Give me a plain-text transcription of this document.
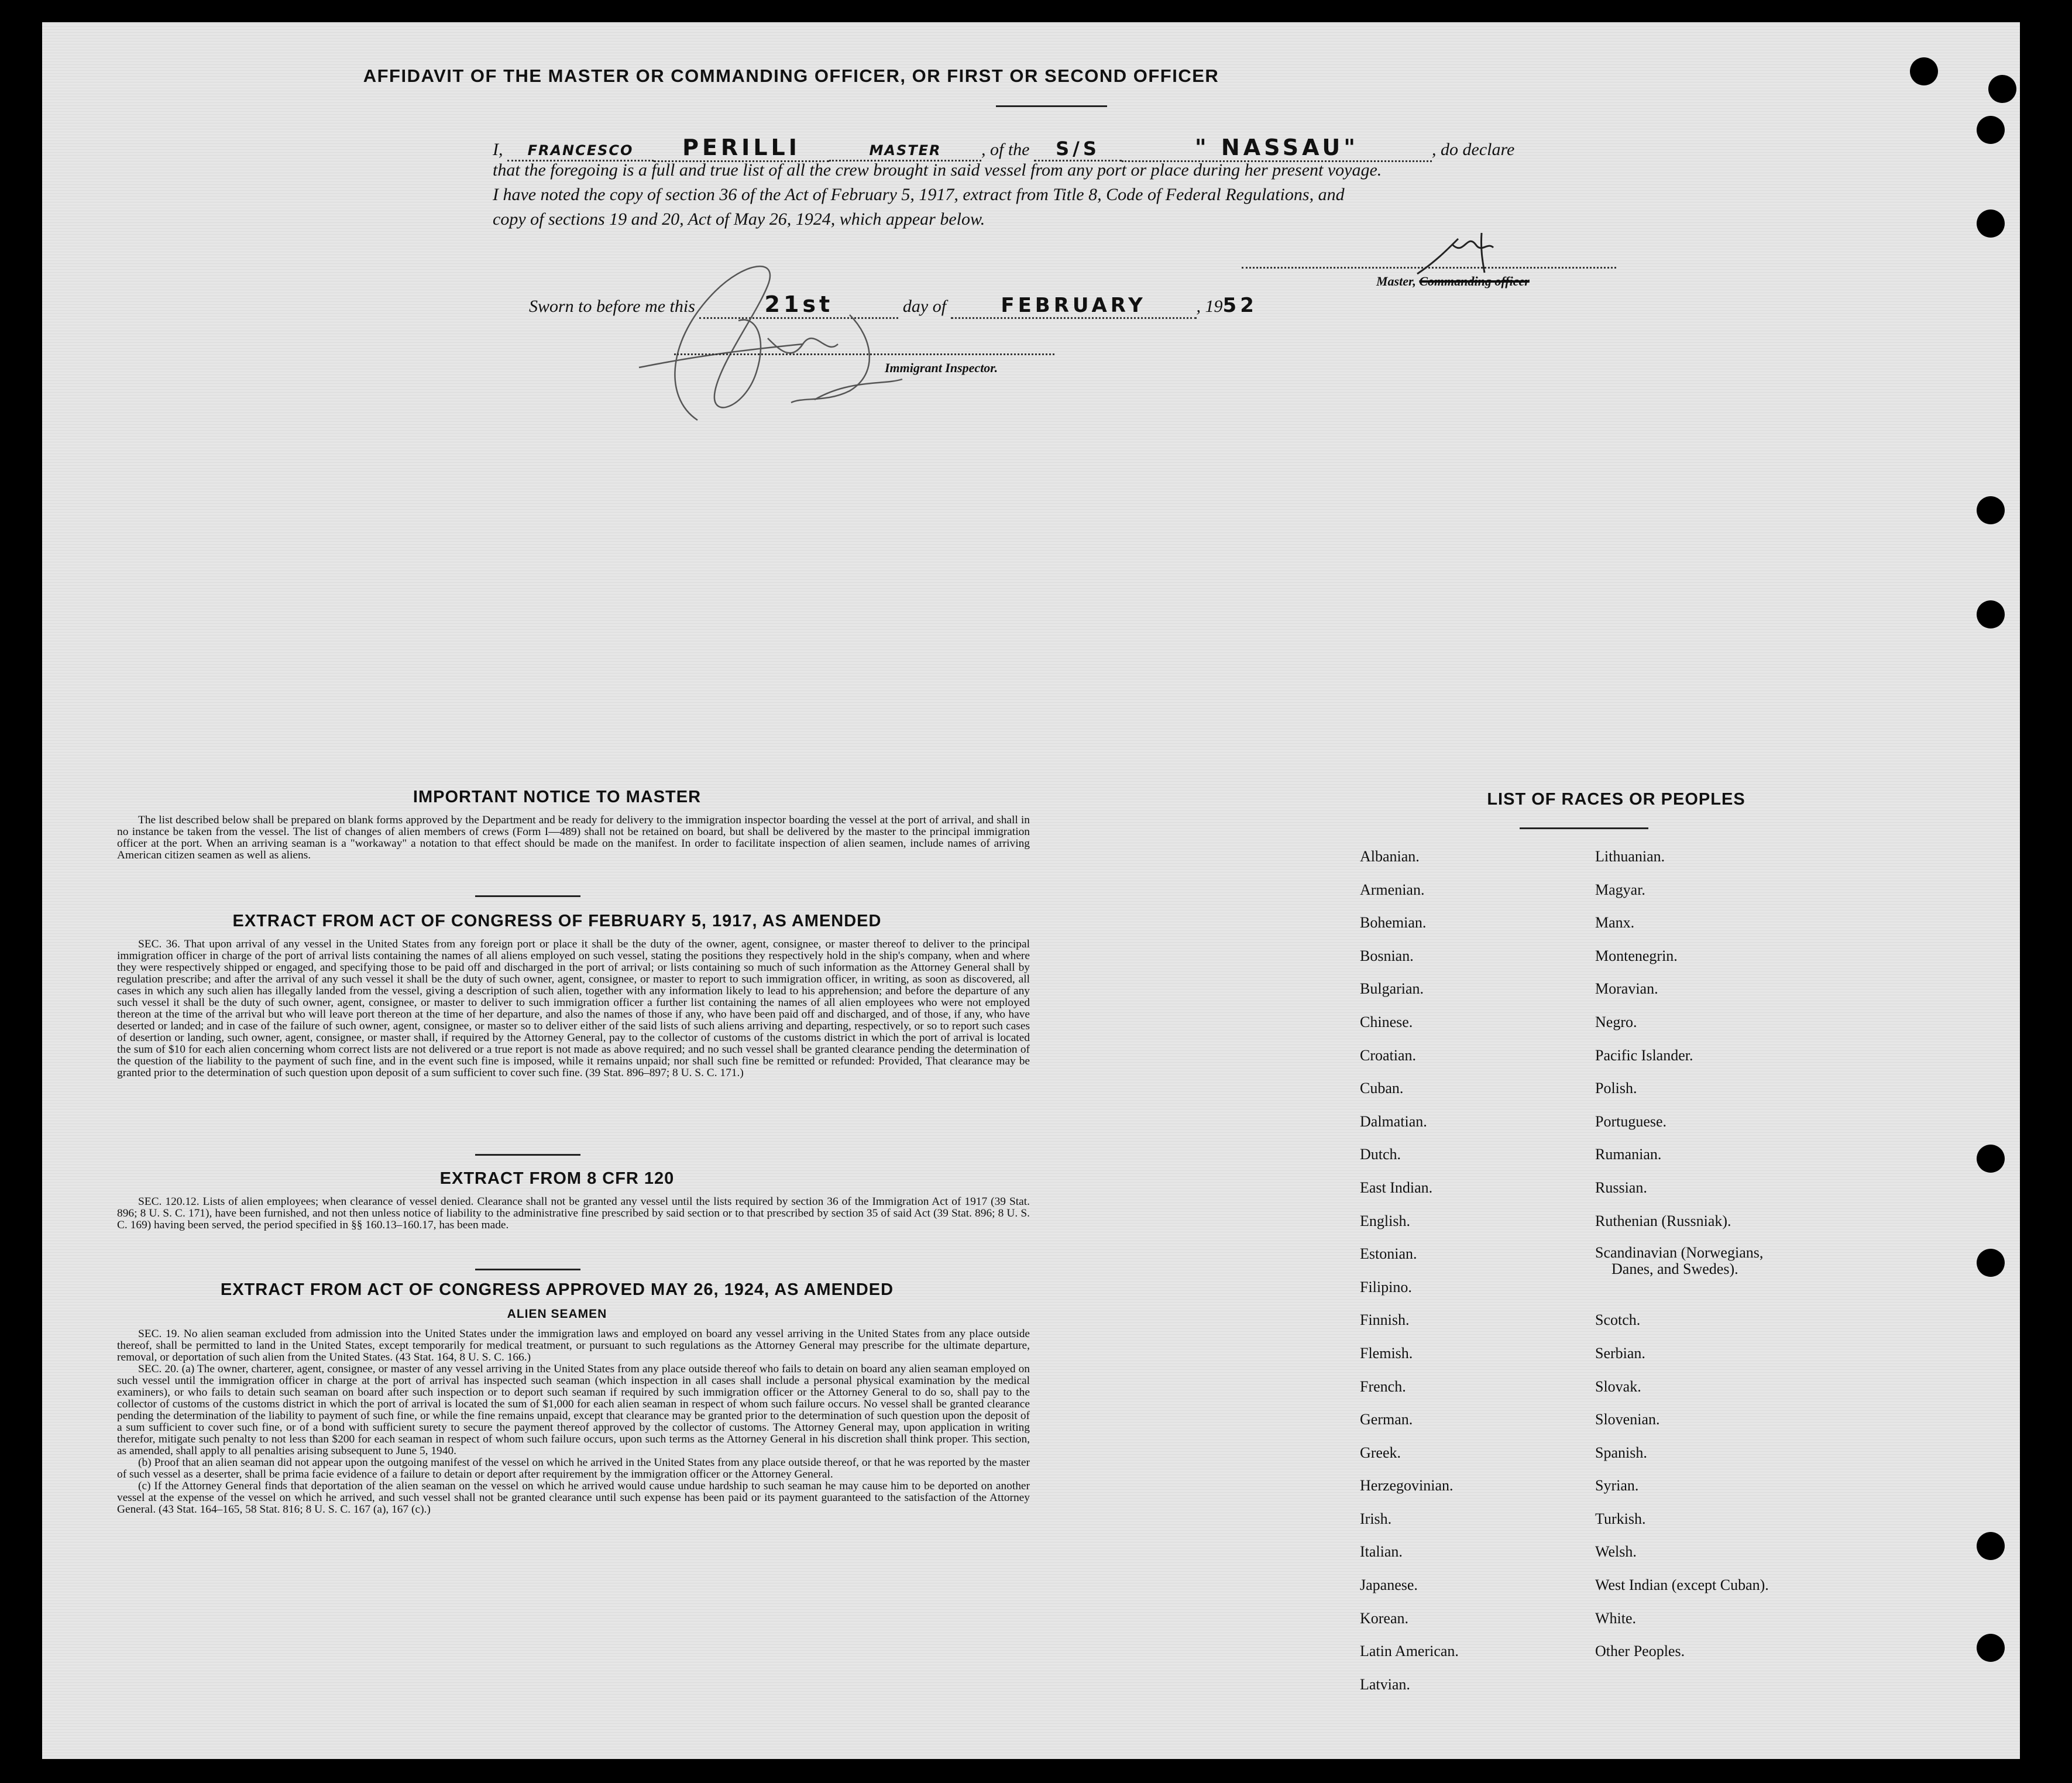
AFFIDAVIT OF THE MASTER OR COMMANDING OFFICER, OR FIRST OR SECOND OFFICER
I, FRANCESCO PERILLI	MASTER , of the S/S	" NASSAU"	, do declare
that the foregoing is a full and true list of all the crew brought in said vessel from any port or place during her present voyage.
I have noted the copy of section 36 of the Act of February 5, 1917, extract from Title 8, Code of Federal Regulations, and
copy of sections 19 and 20, Act of May 26, 1924, which appear below.
Master, Commanding officer
Sworn to before me this	21st	day of	FEBRUARY	, 1952
Immigrant Inspector.
IMPORTANT NOTICE TO MASTER

The list described below shall be prepared on blank forms approved by the Department and be ready for delivery to the immigration inspector boarding the vessel at the port of arrival, and shall in no instance be taken from the vessel. The list of changes of alien members of crews (Form I—489) shall not be retained on board, but shall be delivered by the master to the principal immigration officer at the port. When an arriving seaman is a "workaway" a notation to that effect should be made on the manifest. In order to facilitate inspection of alien seamen, include names of arriving American citizen seamen as well as aliens.

EXTRACT FROM ACT OF CONGRESS OF FEBRUARY 5, 1917, AS AMENDED

SEC. 36. That upon arrival of any vessel in the United States from any foreign port or place it shall be the duty of the owner, agent, consignee, or master thereof to deliver to the principal immigration officer in charge of the port of arrival lists containing the names of all aliens employed on such vessel, stating the positions they respectively hold in the ship's company, when and where they were respectively shipped or engaged, and specifying those to be paid off and discharged in the port of arrival; or lists containing so much of such information as the Attorney General shall by regulation prescribe; and after the arrival of any such vessel it shall be the duty of such owner, agent, consignee, or master to report to such immigration officer, in writing, as soon as discovered, all cases in which any such alien has illegally landed from the vessel, giving a description of such alien, together with any information likely to lead to his apprehension; and before the departure of any such vessel it shall be the duty of such owner, agent, consignee, or master to deliver to such immigration officer a further list containing the names of all alien employees who were not employed thereon at the time of the arrival but who will leave port thereon at the time of her departure, and also the names of those if any, who have been paid off and discharged, and of those, if any, who have deserted or landed; and in case of the failure of such owner, agent, consignee, or master so to deliver either of the said lists of such aliens arriving and departing, respectively, or so to report such cases of desertion or landing, such owner, agent, consignee, or master shall, if required by the Attorney General, pay to the collector of customs of the customs district in which the port of arrival is located the sum of $10 for each alien concerning whom correct lists are not delivered or a true report is not made as above required; and no such vessel shall be granted clearance pending the determination of the question of the liability to the payment of such fine, and in the event such fine is imposed, while it remains unpaid; nor shall such fine be remitted or refunded: Provided, That clearance may be granted prior to the determination of such question upon deposit of a sum sufficient to cover such fine. (39 Stat. 896–897; 8 U. S. C. 171.)

EXTRACT FROM 8 CFR 120

SEC. 120.12. Lists of alien employees; when clearance of vessel denied. Clearance shall not be granted any vessel until the lists required by section 36 of the Immigration Act of 1917 (39 Stat. 896; 8 U. S. C. 171), have been furnished, and not then unless notice of liability to the administrative fine prescribed by said section or to that prescribed by section 35 of said Act (39 Stat. 896; 8 U. S. C. 169) having been served, the period specified in §§ 160.13–160.17, has been made.

EXTRACT FROM ACT OF CONGRESS APPROVED MAY 26, 1924, AS AMENDED
ALIEN SEAMEN

SEC. 19. No alien seaman excluded from admission into the United States under the immigration laws and employed on board any vessel arriving in the United States from any place outside thereof, shall be permitted to land in the United States, except temporarily for medical treatment, or pursuant to such regulations as the Attorney General may prescribe for the ultimate departure, removal, or deportation of such alien from the United States. (43 Stat. 164, 8 U. S. C. 166.)

SEC. 20. (a) The owner, charterer, agent, consignee, or master of any vessel arriving in the United States from any place outside thereof who fails to detain on board any alien seaman employed on such vessel until the immigration officer in charge at the port of arrival has inspected such seaman (which inspection in all cases shall include a personal physical examination by the medical examiners), or who fails to detain such seaman on board after such inspection or to deport such seaman if required by such immigration officer or the Attorney General to do so, shall pay to the collector of customs of the customs district in which the port of arrival is located the sum of $1,000 for each alien seaman in respect of whom such failure occurs. No vessel shall be granted clearance pending the determination of the liability to payment of such fine, or while the fine remains unpaid, except that clearance may be granted prior to the determination of such question upon the deposit of a sum sufficient to cover such fine, or of a bond with sufficient surety to secure the payment thereof approved by the collector of customs. The Attorney General may, upon application in writing therefor, mitigate such penalty to not less than $200 for each seaman in respect of whom such failure occurs, upon such terms as the Attorney General in his discretion shall think proper. This section, as amended, shall apply to all penalties arising subsequent to June 5, 1940.

(b) Proof that an alien seaman did not appear upon the outgoing manifest of the vessel on which he arrived in the United States from any place outside thereof, or that he was reported by the master of such vessel as a deserter, shall be prima facie evidence of a failure to detain or deport after requirement by the immigration officer or the Attorney General.

(c) If the Attorney General finds that deportation of the alien seaman on the vessel on which he arrived would cause undue hardship to such seaman he may cause him to be deported on another vessel at the expense of the vessel on which he arrived, and such vessel shall not be granted clearance until such expense has been paid or its payment guaranteed to the satisfaction of the Attorney General. (43 Stat. 164–165, 58 Stat. 816; 8 U. S. C. 167 (a), 167 (c).)

LIST OF RACES OR PEOPLES
Albanian.
Armenian.
Bohemian.
Bosnian.
Bulgarian.
Chinese.
Croatian.
Cuban.
Dalmatian.
Dutch.
East Indian.
English.
Estonian.
Filipino.
Finnish.
Flemish.
French.
German.
Greek.
Herzegovinian.
Irish.
Italian.
Japanese.
Korean.
Latin American.
Latvian.
Lithuanian.
Magyar.
Manx.
Montenegrin.
Moravian.
Negro.
Pacific Islander.
Polish.
Portuguese.
Rumanian.
Russian.
Ruthenian (Russniak).
Scandinavian (Norwegians,
Danes, and Swedes).
Scotch.
Serbian.
Slovak.
Slovenian.
Spanish.
Syrian.
Turkish.
Welsh.
West Indian (except Cuban).
White.
Other Peoples.
